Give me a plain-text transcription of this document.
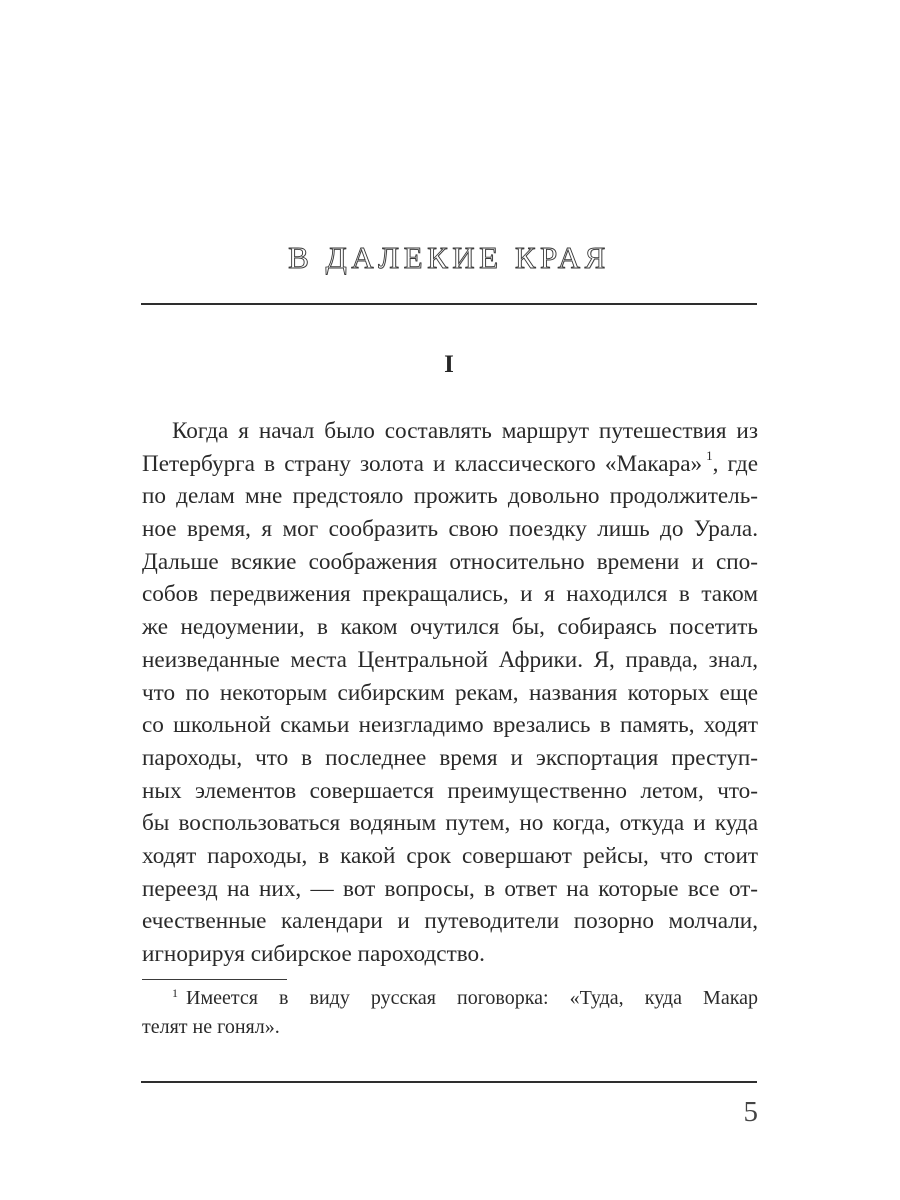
В ДАЛЕКИЕ КРАЯ
I
Когда я начал было составлять маршрут путешествия из
Петербурга в страну золота и классического «Макара» $^1$, где
по делам мне предстояло прожить довольно продолжитель-
ное время, я мог сообразить свою поездку лишь до Урала.
Дальше всякие соображения относительно времени и спо-
собов передвижения прекращались, и я находился в таком
же недоумении, в каком очутился бы, собираясь посетить
неизведанные места Центральной Африки. Я, правда, знал,
что по некоторым сибирским рекам, названия которых еще
со школьной скамьи неизгладимо врезались в память, ходят
пароходы, что в последнее время и экспортация преступ-
ных элементов совершается преимущественно летом, что-
бы воспользоваться водяным путем, но когда, откуда и куда
ходят пароходы, в какой срок совершают рейсы, что стоит
переезд на них, — вот вопросы, в ответ на которые все от-
ечественные календари и путеводители позорно молчали,
игнорируя сибирское пароходство.
$^1$ Имеется в виду русская поговорка: «Туда, куда Макар
телят не гонял».
5
